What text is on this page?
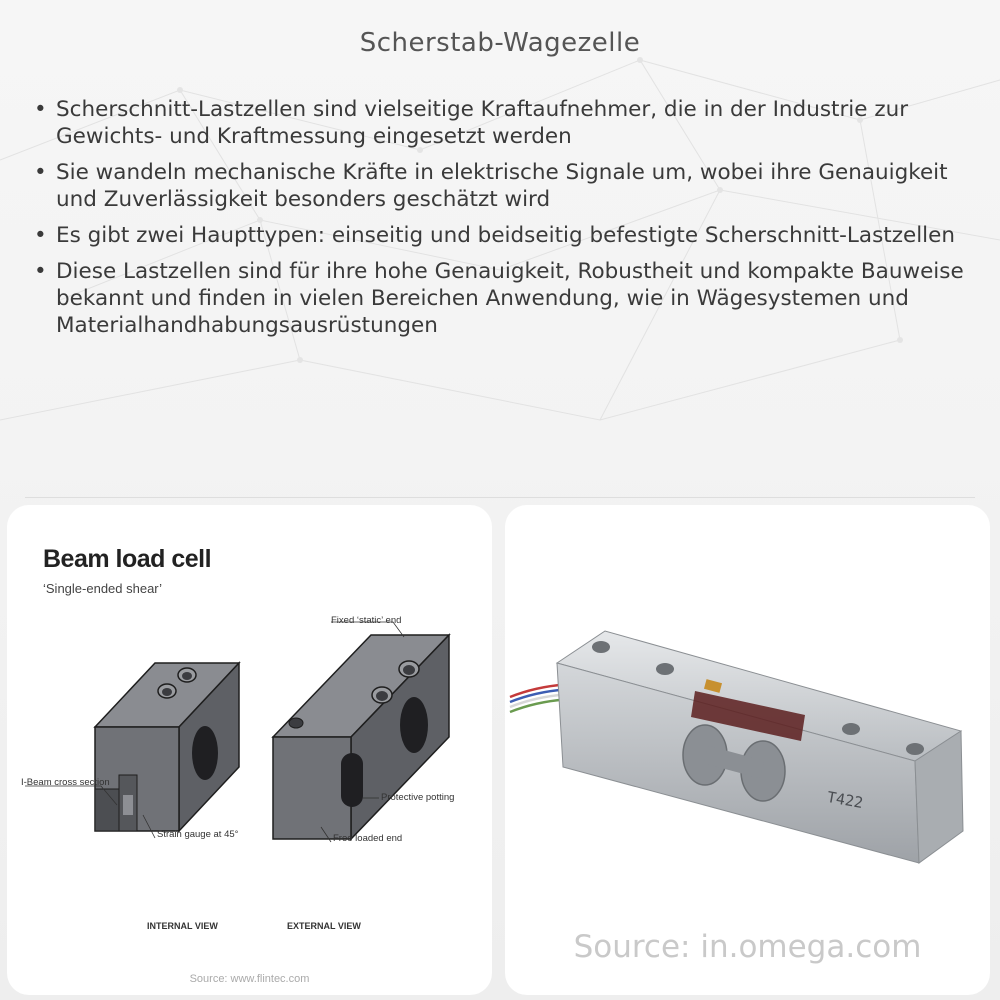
Scherstab-Wagezelle
• Scherschnitt-Lastzellen sind vielseitige Kraftaufnehmer, die in der Industrie zur Gewichts- und Kraftmessung eingesetzt werden
• Sie wandeln mechanische Kräfte in elektrische Signale um, wobei ihre Genauigkeit und Zuverlässigkeit besonders geschätzt wird
• Es gibt zwei Haupttypen: einseitig und beidseitig befestigte Scherschnitt-Lastzellen
• Diese Lastzellen sind für ihre hohe Genauigkeit, Robustheit und kompakte Bauweise bekannt und finden in vielen Bereichen Anwendung, wie in Wägesystemen und Materialhandhabungsausrüstungen
Beam load cell
‘Single-ended shear’
Fixed ‘static’ end
I-Beam cross section
Strain gauge at 45°
Protective potting
Free loaded end
INTERNAL VIEW	EXTERNAL VIEW
Source: www.flintec.com
T422
Source: in.omega.com
